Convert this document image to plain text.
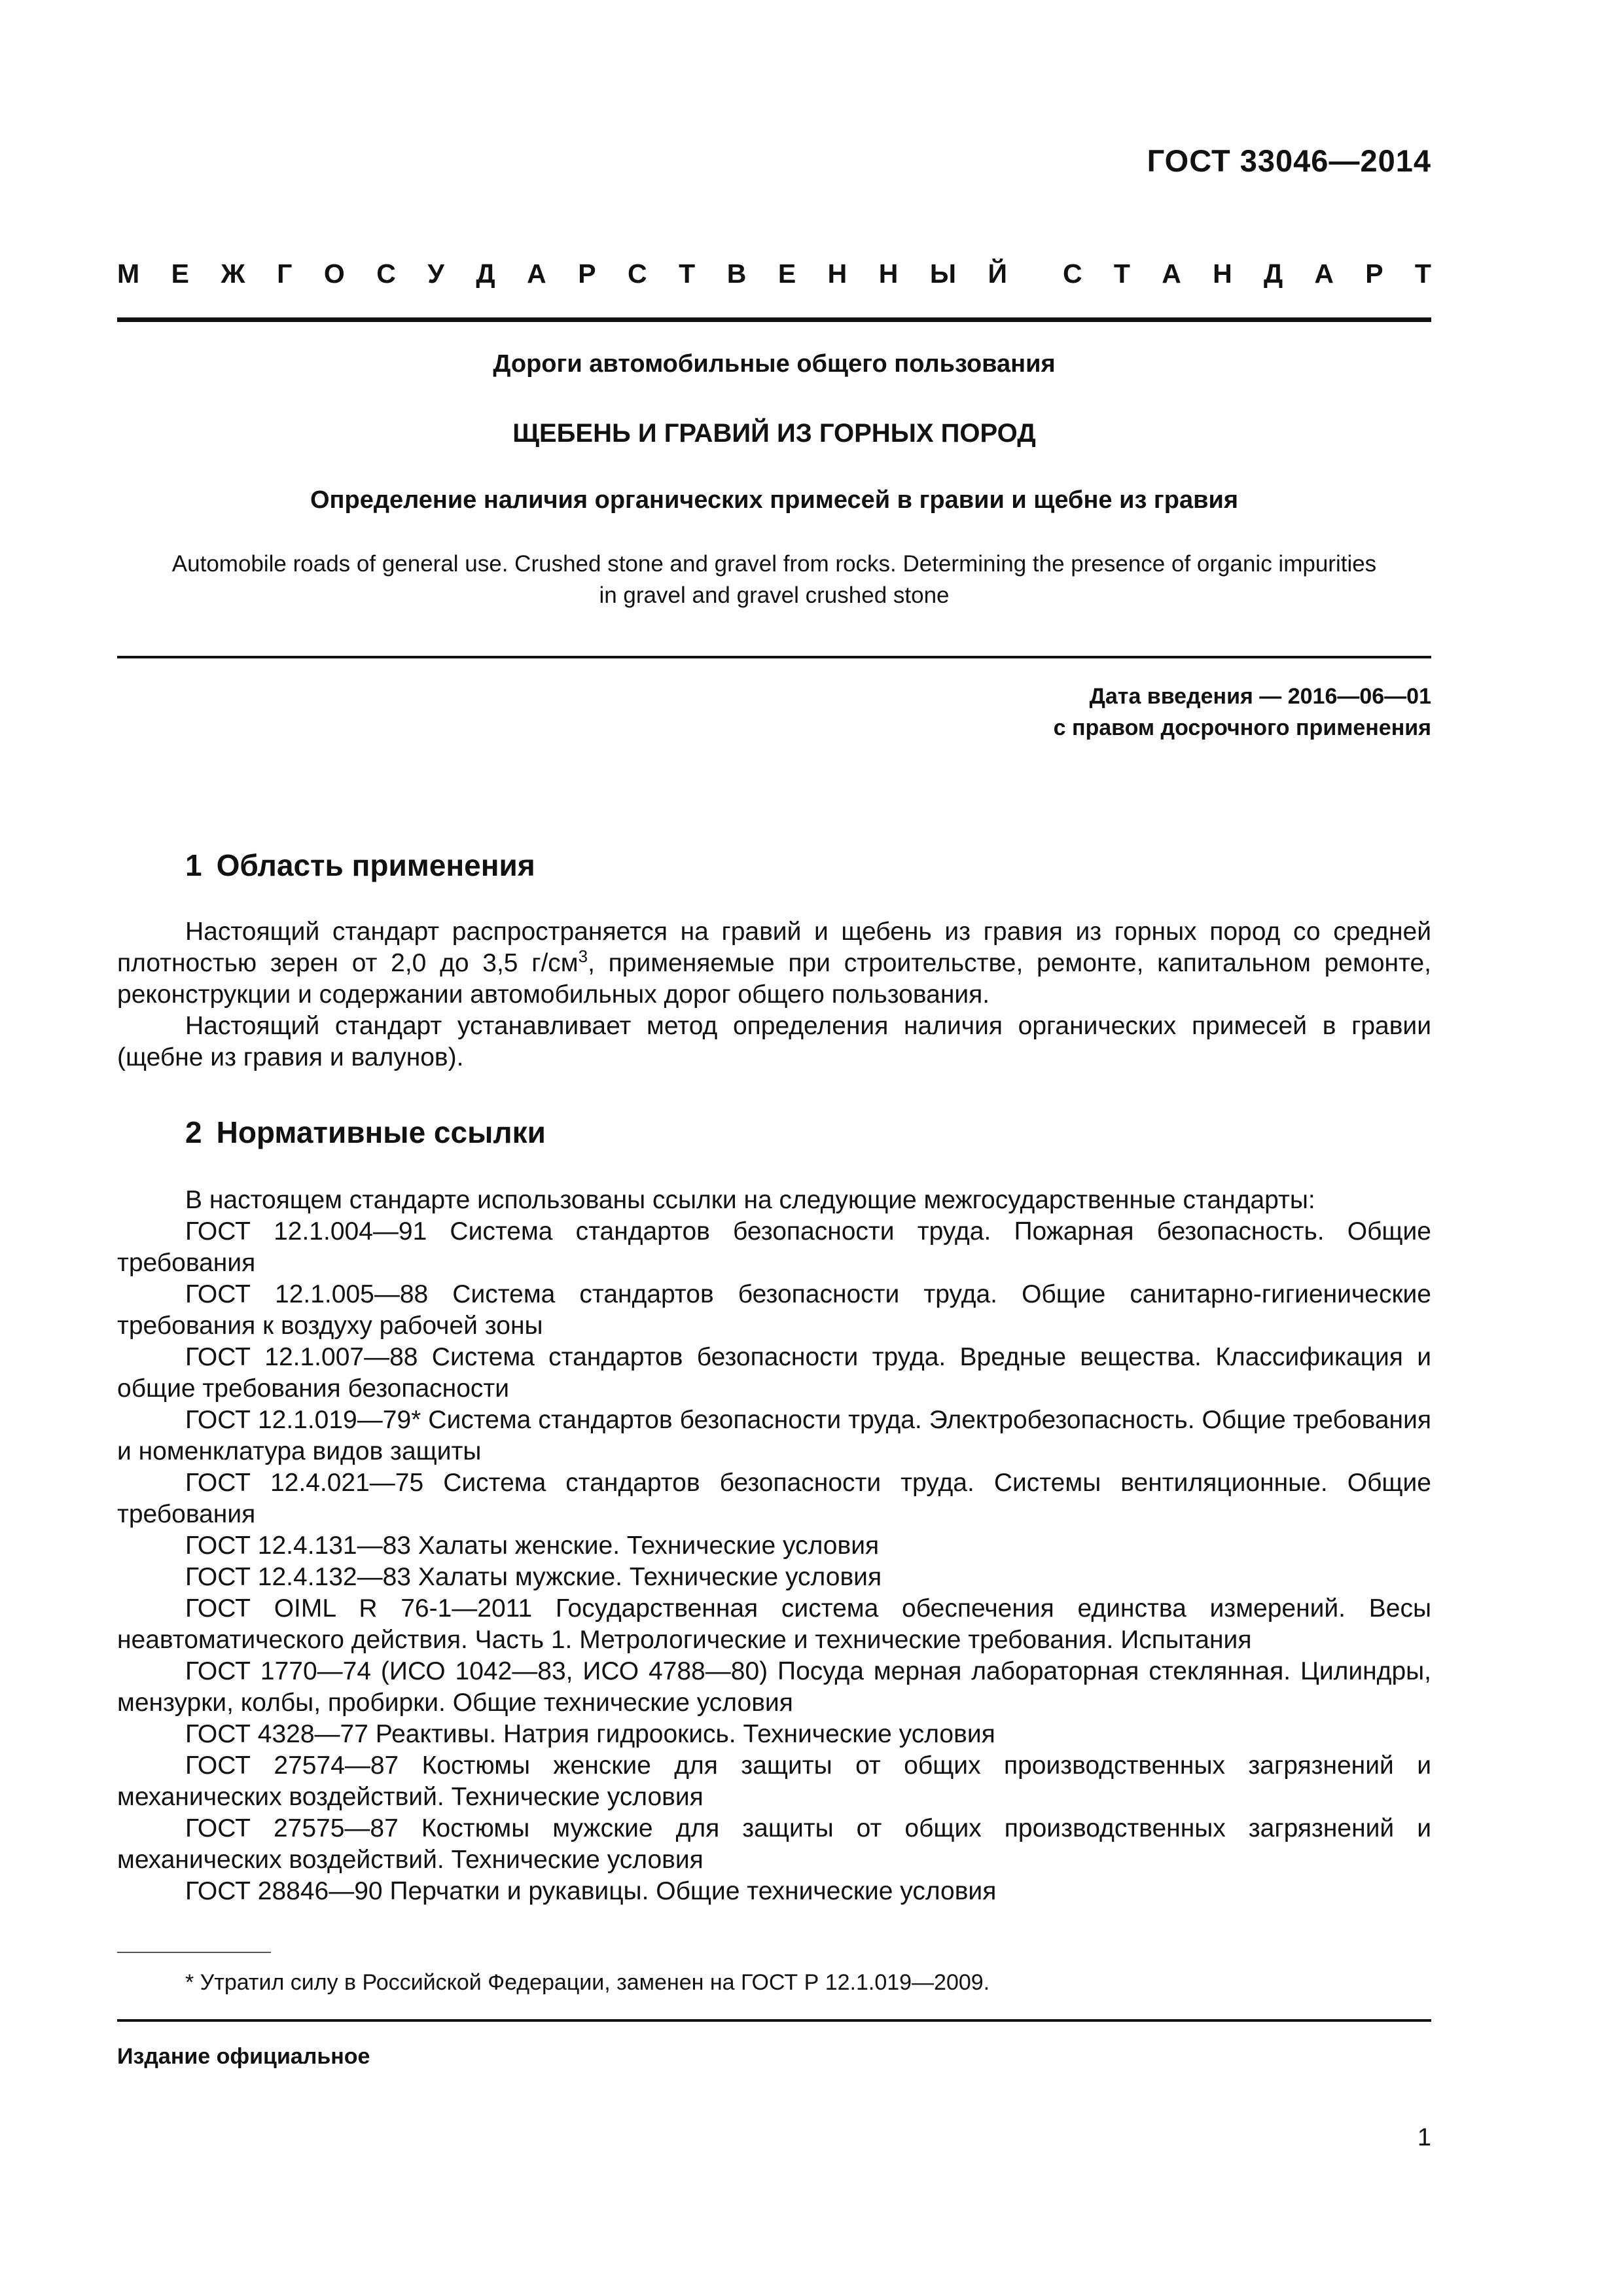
ГОСТ 33046—2014
М Е Ж Г О С У Д А Р С Т В Е Н Н Ы Й С Т А Н Д А Р Т
Дороги автомобильные общего пользования
ЩЕБЕНЬ И ГРАВИЙ ИЗ ГОРНЫХ ПОРОД
Определение наличия органических примесей в гравии и щебне из гравия
Automobile roads of general use. Crushed stone and gravel from rocks. Determining the presence of organic impurities
in gravel and gravel crushed stone
Дата введения — 2016—06—01
с правом досрочного применения
1 Область применения

Настоящий стандарт распространяется на гравий и щебень из гравия из горных пород со средней плотностью зерен от 2,0 до 3,5 $г/см^3$, применяемые при строительстве, ремонте, капитальном ремонте, реконструкции и содержании автомобильных дорог общего пользования.

Настоящий стандарт устанавливает метод определения наличия органических примесей в гравии (щебне из гравия и валунов).

2 Нормативные ссылки

В настоящем стандарте использованы ссылки на следующие межгосударственные стандарты:

ГОСТ 12.1.004—91 Система стандартов безопасности труда. Пожарная безопасность. Общие требования

ГОСТ 12.1.005—88 Система стандартов безопасности труда. Общие санитарно-гигиенические требования к воздуху рабочей зоны

ГОСТ 12.1.007—88 Система стандартов безопасности труда. Вредные вещества. Классификация и общие требования безопасности

ГОСТ 12.1.019—79* Система стандартов безопасности труда. Электробезопасность. Общие требования и номенклатура видов защиты

ГОСТ 12.4.021—75 Система стандартов безопасности труда. Системы вентиляционные. Общие требования

ГОСТ 12.4.131—83 Халаты женские. Технические условия

ГОСТ 12.4.132—83 Халаты мужские. Технические условия

ГОСТ OIML R 76-1—2011 Государственная система обеспечения единства измерений. Весы неавтоматического действия. Часть 1. Метрологические и технические требования. Испытания

ГОСТ 1770—74 (ИСО 1042—83, ИСО 4788—80) Посуда мерная лабораторная стеклянная. Цилиндры, мензурки, колбы, пробирки. Общие технические условия

ГОСТ 4328—77 Реактивы. Натрия гидроокись. Технические условия

ГОСТ 27574—87 Костюмы женские для защиты от общих производственных загрязнений и механических воздействий. Технические условия

ГОСТ 27575—87 Костюмы мужские для защиты от общих производственных загрязнений и механических воздействий. Технические условия

ГОСТ 28846—90 Перчатки и рукавицы. Общие технические условия

* Утратил силу в Российской Федерации, заменен на ГОСТ Р 12.1.019—2009.
Издание официальное
1
